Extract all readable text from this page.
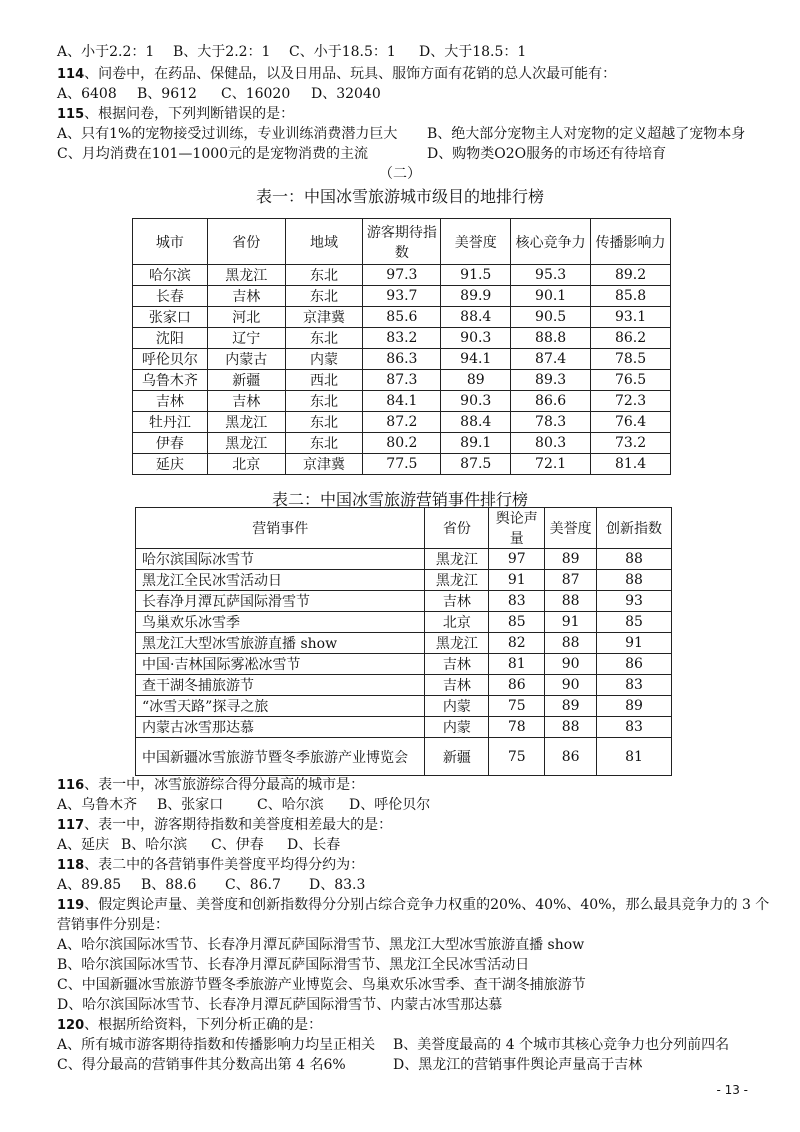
A、小于2.2：1 B、大于2.2：1 C、小于18.5：1 D、大于18.5：1
114、问卷中，在药品、保健品，以及日用品、玩具、服饰方面有花销的总人次最可能有：
A、6408 B、9612 C、16020 D、32040
115、根据问卷，下列判断错误的是：
A、只有1%的宠物接受过训练，专业训练消费潜力巨大 B、绝大部分宠物主人对宠物的定义超越了宠物本身
C、月均消费在101—1000元的是宠物消费的主流	D、购物类O2O服务的市场还有待培育
（二）
表一：中国冰雪旅游城市级目的地排行榜
城市	省份	地域	游客期待指数	美誉度	核心竞争力	传播影响力
哈尔滨	黑龙江	东北	97.3	91.5	95.3	89.2
长春	吉林	东北	93.7	89.9	90.1	85.8
张家口	河北	京津冀	85.6	88.4	90.5	93.1
沈阳	辽宁	东北	83.2	90.3	88.8	86.2
呼伦贝尔	内蒙古	内蒙	86.3	94.1	87.4	78.5
乌鲁木齐	新疆	西北	87.3	89	89.3	76.5
吉林	吉林	东北	84.1	90.3	86.6	72.3
牡丹江	黑龙江	东北	87.2	88.4	78.3	76.4
伊春	黑龙江	东北	80.2	89.1	80.3	73.2
延庆	北京	京津冀	77.5	87.5	72.1	81.4
表二：中国冰雪旅游营销事件排行榜
营销事件	省份	舆论声量	美誉度	创新指数
哈尔滨国际冰雪节	黑龙江	97	89	88
黑龙江全民冰雪活动日	黑龙江	91	87	88
长春净月潭瓦萨国际滑雪节	吉林	83	88	93
鸟巢欢乐冰雪季	北京	85	91	85
黑龙江大型冰雪旅游直播 show	黑龙江	82	88	91
中国·吉林国际雾凇冰雪节	吉林	81	90	86
查干湖冬捕旅游节	吉林	86	90	83
“冰雪天路”探寻之旅	内蒙	75	89	89
内蒙古冰雪那达慕	内蒙	78	88	83
中国新疆冰雪旅游节暨冬季旅游产业博览会	新疆	75	86	81
116、表一中，冰雪旅游综合得分最高的城市是：
A、乌鲁木齐 B、张家口 C、哈尔滨 D、呼伦贝尔
117、表一中，游客期待指数和美誉度相差最大的是：
A、延庆 B、哈尔滨 C、伊春 D、长春
118、表二中的各营销事件美誉度平均得分约为：
A、89.85 B、88.6 C、86.7 D、83.3
119、假定舆论声量、美誉度和创新指数得分分别占综合竞争力权重的20%、40%、40%，那么最具竞争力的 3 个
营销事件分别是：
A、哈尔滨国际冰雪节、长春净月潭瓦萨国际滑雪节、黑龙江大型冰雪旅游直播 show
B、哈尔滨国际冰雪节、长春净月潭瓦萨国际滑雪节、黑龙江全民冰雪活动日
C、中国新疆冰雪旅游节暨冬季旅游产业博览会、鸟巢欢乐冰雪季、查干湖冬捕旅游节
D、哈尔滨国际冰雪节、长春净月潭瓦萨国际滑雪节、内蒙古冰雪那达慕
120、根据所给资料，下列分析正确的是：
A、所有城市游客期待指数和传播影响力均呈正相关 B、美誉度最高的 4 个城市其核心竞争力也分列前四名
C、得分最高的营销事件其分数高出第 4 名6%	D、黑龙江的营销事件舆论声量高于吉林
- 13 -
